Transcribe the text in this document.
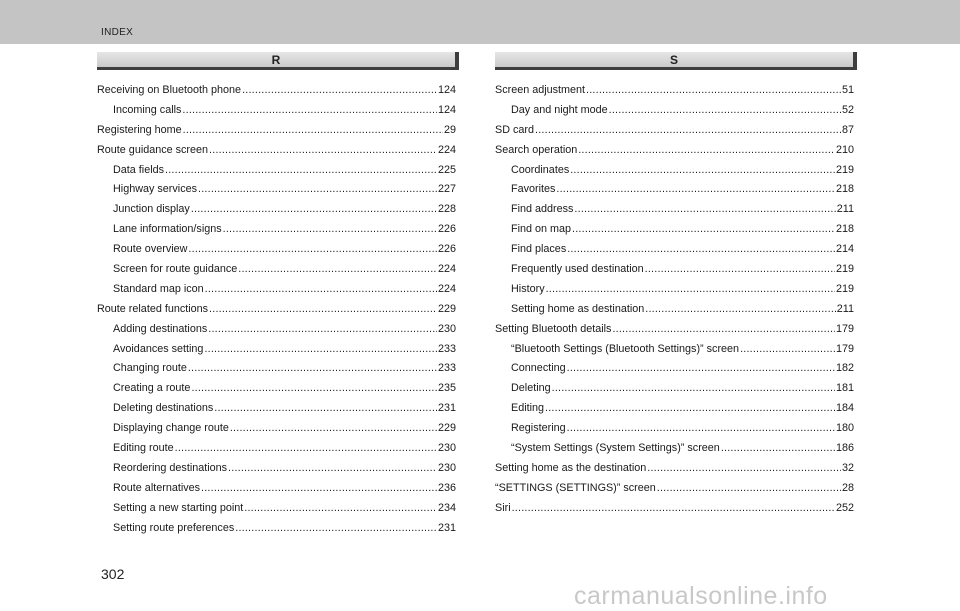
INDEX
R	S
Receiving on Bluetooth phone .....	124
Incoming calls .....	124
Registering home .....	29
Route guidance screen .....	224
Data fields .....	225
Highway services .....	227
Junction display .....	228
Lane information/signs .....	226
Route overview .....	226
Screen for route guidance .....	224
Standard map icon .....	224
Route related functions .....	229
Adding destinations .....	230
Avoidances setting .....	233
Changing route .....	233
Creating a route .....	235
Deleting destinations .....	231
Displaying change route .....	229
Editing route .....	230
Reordering destinations .....	230
Route alternatives .....	236
Setting a new starting point .....	234
Setting route preferences .....	231
Screen adjustment .....	51
Day and night mode .....	52
SD card .....	87
Search operation .....	210
Coordinates .....	219
Favorites .....	218
Find address .....	211
Find on map .....	218
Find places .....	214
Frequently used destination .....	219
History .....	219
Setting home as destination .....	211
Setting Bluetooth details .....	179
“Bluetooth Settings (Bluetooth Settings)” screen .....	179
Connecting .....	182
Deleting .....	181
Editing .....	184
Registering .....	180
“System Settings (System Settings)” screen .....	186
Setting home as the destination .....	32
“SETTINGS (SETTINGS)” screen .....	28
Siri .....	252
302
carmanualsonline.info
